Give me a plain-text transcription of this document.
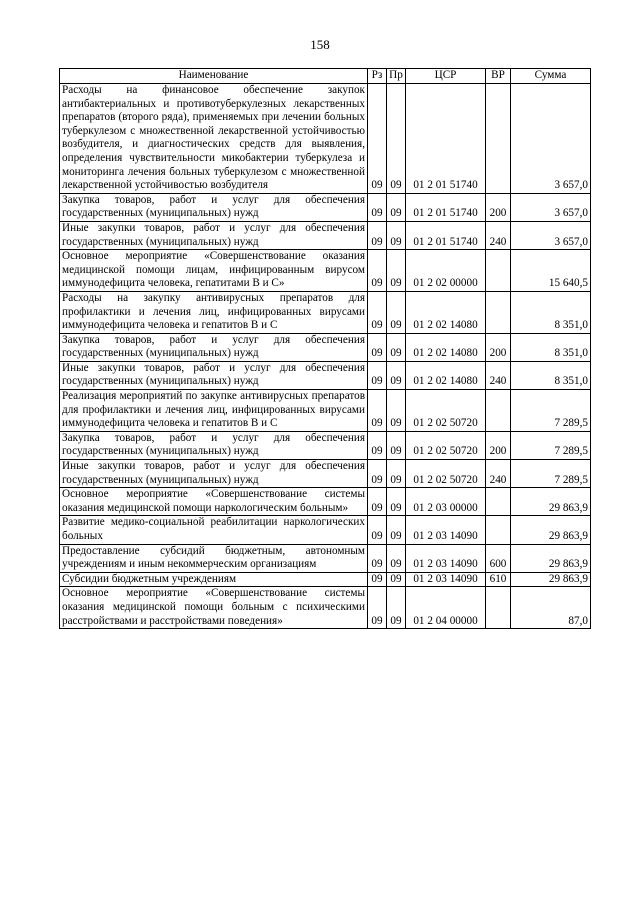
158
Наименование	Рз	Пр	ЦСР	ВР	Сумма
Расходы на финансовое обеспечение закупок антибактериальных и противотуберкулезных лекарственных препаратов (второго ряда), применяемых при лечении больных туберкулезом с множественной лекарственной устойчивостью возбудителя, и диагностических средств для выявления, определения чувствительности микобактерии туберкулеза и мониторинга лечения больных туберкулезом с множественной лекарственной устойчивостью возбудителя	09	09	01 2 01 51740		3 657,0
Закупка товаров, работ и услуг для обеспечения государственных (муниципальных) нужд	09	09	01 2 01 51740	200	3 657,0
Иные закупки товаров, работ и услуг для обеспечения государственных (муниципальных) нужд	09	09	01 2 01 51740	240	3 657,0
Основное мероприятие «Совершенствование оказания медицинской помощи лицам, инфицированным вирусом иммунодефицита человека, гепатитами В и С»	09	09	01 2 02 00000		15 640,5
Расходы на закупку антивирусных препаратов для профилактики и лечения лиц, инфицированных вирусами иммунодефицита человека и гепатитов В и С	09	09	01 2 02 14080		8 351,0
Закупка товаров, работ и услуг для обеспечения государственных (муниципальных) нужд	09	09	01 2 02 14080	200	8 351,0
Иные закупки товаров, работ и услуг для обеспечения государственных (муниципальных) нужд	09	09	01 2 02 14080	240	8 351,0
Реализация мероприятий по закупке антивирусных препаратов для профилактики и лечения лиц, инфицированных вирусами иммунодефицита человека и гепатитов В и С	09	09	01 2 02 50720		7 289,5
Закупка товаров, работ и услуг для обеспечения государственных (муниципальных) нужд	09	09	01 2 02 50720	200	7 289,5
Иные закупки товаров, работ и услуг для обеспечения государственных (муниципальных) нужд	09	09	01 2 02 50720	240	7 289,5
Основное мероприятие «Совершенствование системы оказания медицинской помощи наркологическим больным»	09	09	01 2 03 00000		29 863,9
Развитие медико-социальной реабилитации наркологических больных	09	09	01 2 03 14090		29 863,9
Предоставление субсидий бюджетным, автономным учреждениям и иным некоммерческим организациям	09	09	01 2 03 14090	600	29 863,9
Субсидии бюджетным учреждениям	09	09	01 2 03 14090	610	29 863,9
Основное мероприятие «Совершенствование системы оказания медицинской помощи больным с психическими расстройствами и расстройствами поведения»	09	09	01 2 04 00000		87,0
